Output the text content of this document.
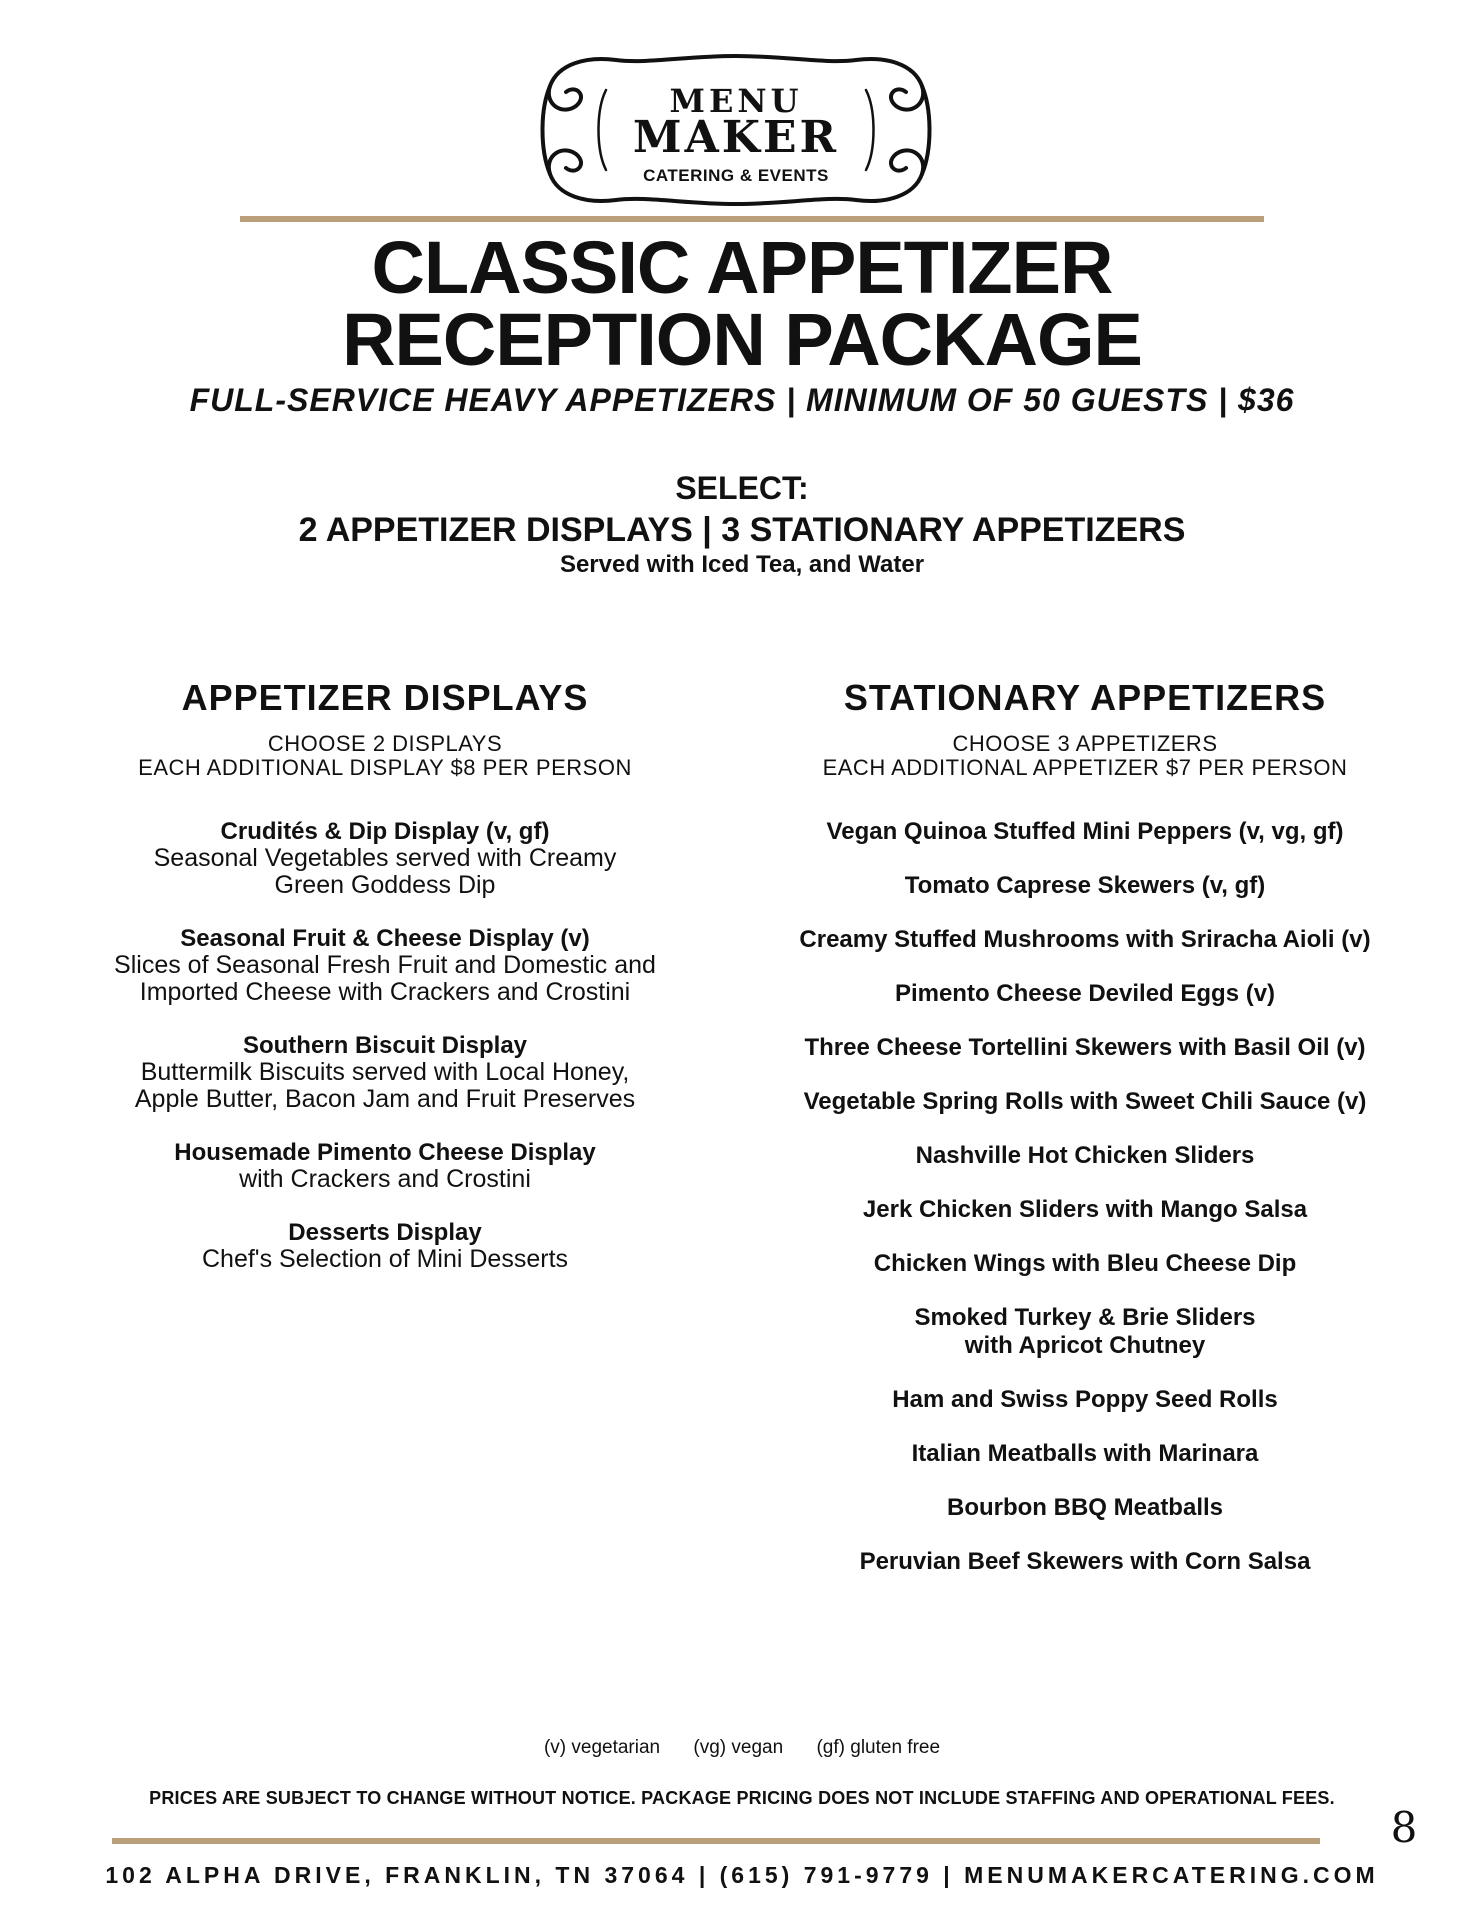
MENU
MAKER
CATERING & EVENTS
CLASSIC APPETIZER
RECEPTION PACKAGE
FULL-SERVICE HEAVY APPETIZERS | MINIMUM OF 50 GUESTS | $36
SELECT:
2 APPETIZER DISPLAYS | 3 STATIONARY APPETIZERS
Served with Iced Tea, and Water
APPETIZER DISPLAYS
CHOOSE 2 DISPLAYS
EACH ADDITIONAL DISPLAY $8 PER PERSON
Crudités & Dip Display (v, gf)
Seasonal Vegetables served with Creamy
Green Goddess Dip
Seasonal Fruit & Cheese Display (v)
Slices of Seasonal Fresh Fruit and Domestic and
Imported Cheese with Crackers and Crostini
Southern Biscuit Display
Buttermilk Biscuits served with Local Honey,
Apple Butter, Bacon Jam and Fruit Preserves
Housemade Pimento Cheese Display
with Crackers and Crostini
Desserts Display
Chef's Selection of Mini Desserts
STATIONARY APPETIZERS
CHOOSE 3 APPETIZERS
EACH ADDITIONAL APPETIZER $7 PER PERSON
Vegan Quinoa Stuffed Mini Peppers (v, vg, gf)
Tomato Caprese Skewers (v, gf)
Creamy Stuffed Mushrooms with Sriracha Aioli (v)
Pimento Cheese Deviled Eggs (v)
Three Cheese Tortellini Skewers with Basil Oil (v)
Vegetable Spring Rolls with Sweet Chili Sauce (v)
Nashville Hot Chicken Sliders
Jerk Chicken Sliders with Mango Salsa
Chicken Wings with Bleu Cheese Dip
Smoked Turkey & Brie Sliders
with Apricot Chutney
Ham and Swiss Poppy Seed Rolls
Italian Meatballs with Marinara
Bourbon BBQ Meatballs
Peruvian Beef Skewers with Corn Salsa
(v) vegetarian (vg) vegan (gf) gluten free
PRICES ARE SUBJECT TO CHANGE WITHOUT NOTICE. PACKAGE PRICING DOES NOT INCLUDE STAFFING AND OPERATIONAL FEES.
8
102 ALPHA DRIVE, FRANKLIN, TN 37064 | (615) 791-9779 | MENUMAKERCATERING.COM
